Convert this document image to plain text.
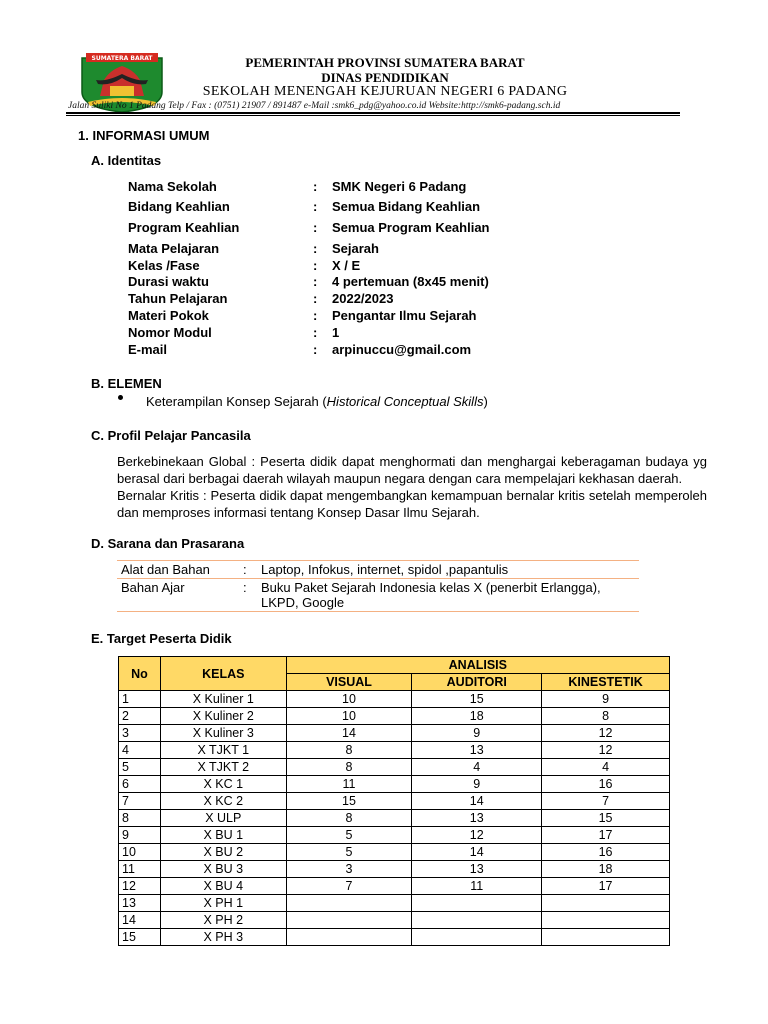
SUMATERA BARAT	PEMERINTAH PROVINSI SUMATERA BARAT
DINAS PENDIDIKAN
SEKOLAH MENENGAH KEJURUAN NEGERI 6 PADANG
Jalan Suliki No 1 Padang Telp / Fax : (0751) 21907 / 891487 e-Mail :smk6_pdg@yahoo.co.id Website:http://smk6-padang.sch.id
1. INFORMASI UMUM
A. Identitas
Nama Sekolah	: SMK Negeri 6 Padang
Bidang Keahlian	: Semua Bidang Keahlian
Program Keahlian	: Semua Program Keahlian
Mata Pelajaran	: Sejarah
Kelas /Fase	: X / E
Durasi waktu	: 4 pertemuan (8x45 menit)
Tahun Pelajaran	: 2022/2023
Materi Pokok	: Pengantar Ilmu Sejarah
Nomor Modul	: 1
E-mail	: arpinuccu@gmail.com
B. ELEMEN
Keterampilan Konsep Sejarah (Historical Conceptual Skills)
C. Profil Pelajar Pancasila
Berkebinekaan Global : Peserta didik dapat menghormati dan menghargai keberagaman budaya yg berasal dari berbagai daerah wilayah maupun negara dengan cara mempelajari kekhasan daerah.
Bernalar Kritis : Peserta didik dapat mengembangkan kemampuan bernalar kritis setelah memperoleh dan memproses informasi tentang Konsep Dasar Ilmu Sejarah.
D. Sarana dan Prasarana
Alat dan Bahan	:	Laptop, Infokus, internet, spidol ,papantulis
Bahan Ajar	:	Buku Paket Sejarah Indonesia kelas X (penerbit Erlangga), LKPD, Google
E. Target Peserta Didik
No	KELAS	ANALISIS		
		VISUAL	AUDITORI	KINESTETIK
1	X Kuliner 1	10	15	9
2	X Kuliner 2	10	18	8
3	X Kuliner 3	14	9	12
4	X TJKT 1	8	13	12
5	X TJKT 2	8	4	4
6	X KC 1	11	9	16
7	X KC 2	15	14	7
8	X ULP	8	13	15
9	X BU 1	5	12	17
10	X BU 2	5	14	16
11	X BU 3	3	13	18
12	X BU 4	7	11	17
13	X PH 1			
14	X PH 2			
15	X PH 3			
